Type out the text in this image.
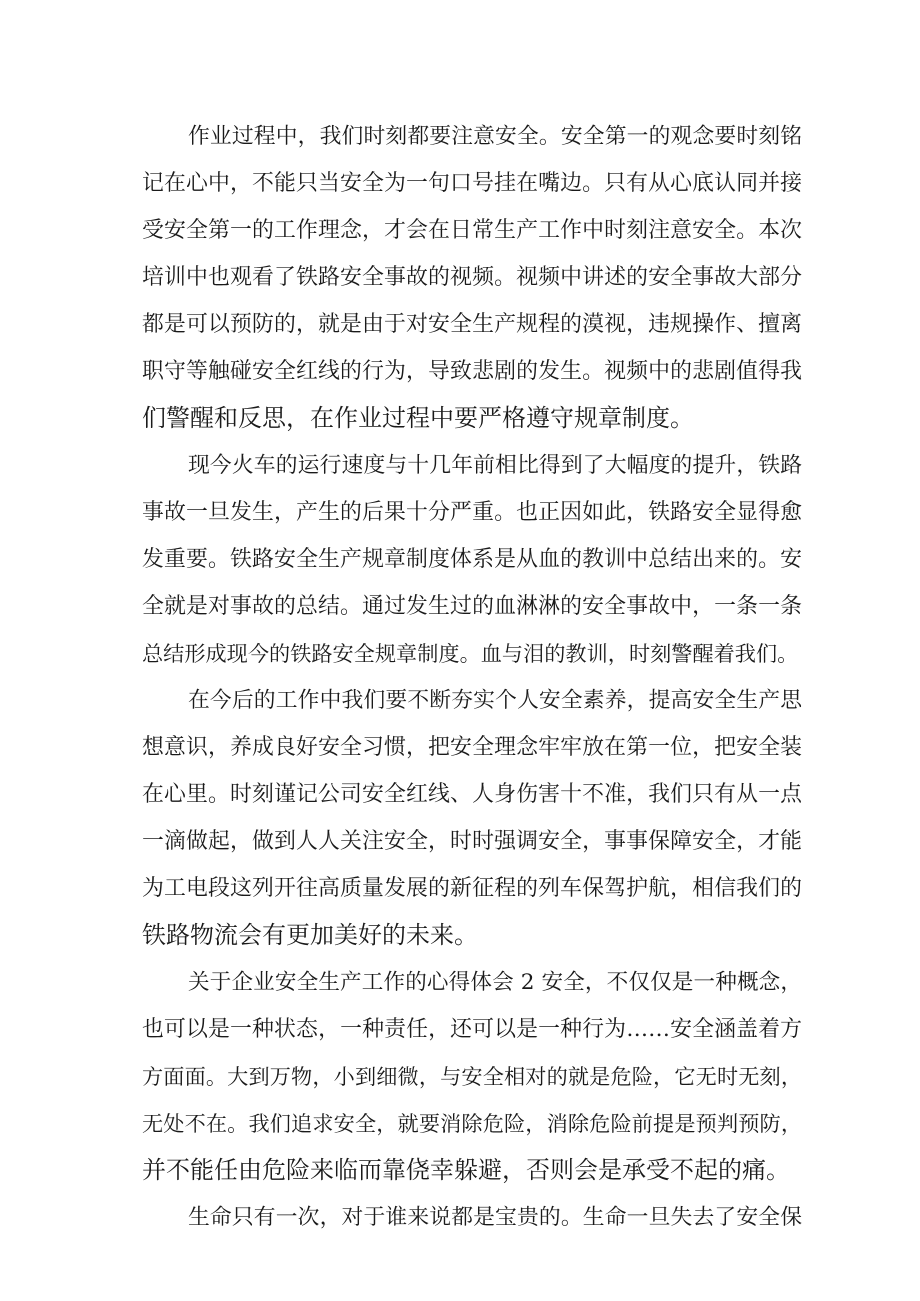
作业过程中，我们时刻都要注意安全。安全第一的观念要时刻铭
记在心中，不能只当安全为一句口号挂在嘴边。只有从心底认同并接
受安全第一的工作理念，才会在日常生产工作中时刻注意安全。本次
培训中也观看了铁路安全事故的视频。视频中讲述的安全事故大部分
都是可以预防的，就是由于对安全生产规程的漠视，违规操作、擅离
职守等触碰安全红线的行为，导致悲剧的发生。视频中的悲剧值得我
们警醒和反思，在作业过程中要严格遵守规章制度。
现今火车的运行速度与十几年前相比得到了大幅度的提升，铁路
事故一旦发生，产生的后果十分严重。也正因如此，铁路安全显得愈
发重要。铁路安全生产规章制度体系是从血的教训中总结出来的。安
全就是对事故的总结。通过发生过的血淋淋的安全事故中，一条一条
总结形成现今的铁路安全规章制度。血与泪的教训，时刻警醒着我们。
在今后的工作中我们要不断夯实个人安全素养，提高安全生产思
想意识，养成良好安全习惯，把安全理念牢牢放在第一位，把安全装
在心里。时刻谨记公司安全红线、人身伤害十不准，我们只有从一点
一滴做起，做到人人关注安全，时时强调安全，事事保障安全，才能
为工电段这列开往高质量发展的新征程的列车保驾护航，相信我们的
铁路物流会有更加美好的未来。
关于企业安全生产工作的心得体会 2 安全，不仅仅是一种概念，
也可以是一种状态，一种责任，还可以是一种行为……安全涵盖着方
方面面。大到万物，小到细微，与安全相对的就是危险，它无时无刻，
无处不在。我们追求安全，就要消除危险，消除危险前提是预判预防，
并不能任由危险来临而靠侥幸躲避，否则会是承受不起的痛。
生命只有一次，对于谁来说都是宝贵的。生命一旦失去了安全保
